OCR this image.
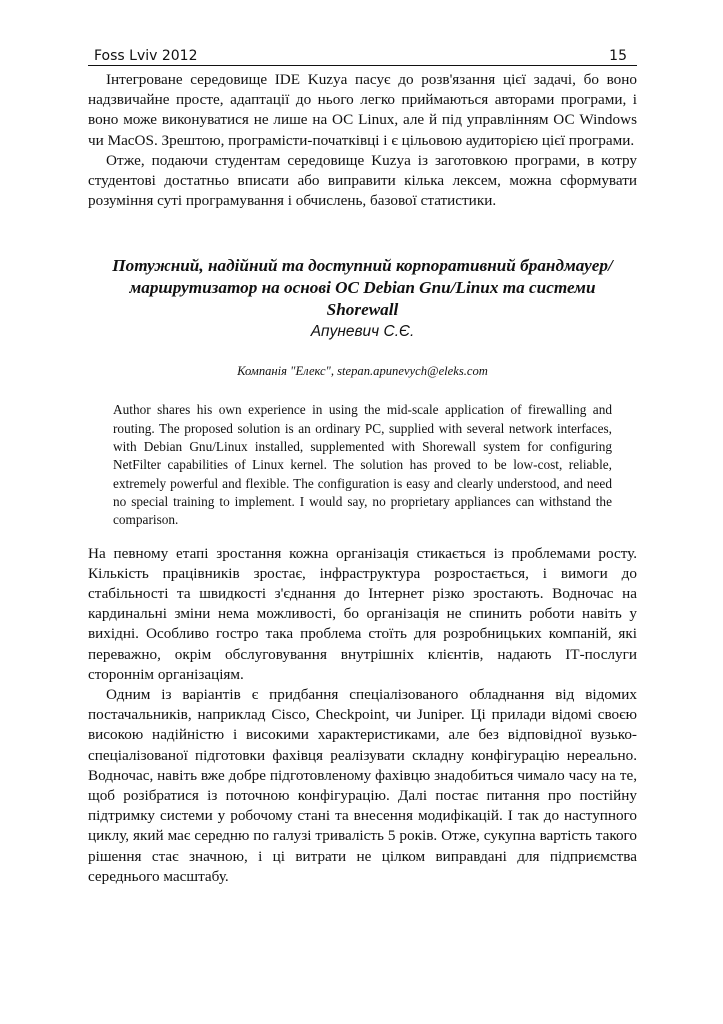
Foss Lviv 2012	15

Інтегроване середовище IDE Kuzya пасує до розв'язання цієї задачі, бо воно надзвичайне просте, адаптації до нього легко приймаються авторами програми, і воно може виконуватися не лише на ОС Linux, але й під управлінням ОС Windows чи MacOS. Зрештою, програмісти-початківці і є цільовою аудиторією цієї програми.

Отже, подаючи студентам середовище Kuzya із заготовкою програми, в котру студентові достатньо вписати або виправити кілька лексем, можна сформувати розуміння суті програмування і обчислень, базової статистики.

Потужний, надійний та доступний корпоративний брандмауер/маршрутизатор на основі ОС Debian Gnu/Linux та системи Shorewall

Апуневич С.Є.

Компанія "Елекс", stepan.apunevych@eleks.com

Author shares his own experience in using the mid-scale application of firewalling and routing. The proposed solution is an ordinary PC, supplied with several network interfaces, with Debian Gnu/Linux installed, supplemented with Shorewall system for configuring NetFilter capabilities of Linux kernel. The solution has proved to be low-cost, reliable, extremely powerful and flexible. The configuration is easy and clearly understood, and need no special training to implement. I would say, no proprietary appliances can withstand the comparison.

На певному етапі зростання кожна організація стикається із проблемами росту. Кількість працівників зростає, інфраструктура розростається, і вимоги до стабільності та швидкості з'єднання до Інтернет різко зростають. Водночас на кардинальні зміни нема можливості, бо організація не спинить роботи навіть у вихідні. Особливо гостро така проблема стоїть для розробницьких компаній, які переважно, окрім обслуговування внутрішніх клієнтів, надають ІТ-послуги стороннім організаціям.

Одним із варіантів є придбання спеціалізованого обладнання від відомих постачальників, наприклад Cisco, Checkpoint, чи Juniper. Ці прилади відомі своєю високою надійністю і високими характеристиками, але без відповідної вузько-спеціалізованої підготовки фахівця реалізувати складну конфігурацію нереально. Водночас, навіть вже добре підготовленому фахівцю знадобиться чимало часу на те, щоб розібратися із поточною конфігурацію. Далі постає питання про постійну підтримку системи у робочому стані та внесення модифікацій. І так до наступного циклу, який має середню по галузі тривалість 5 років. Отже, сукупна вартість такого рішення стає значною, і ці витрати не цілком виправдані для підприємства середнього масштабу.
